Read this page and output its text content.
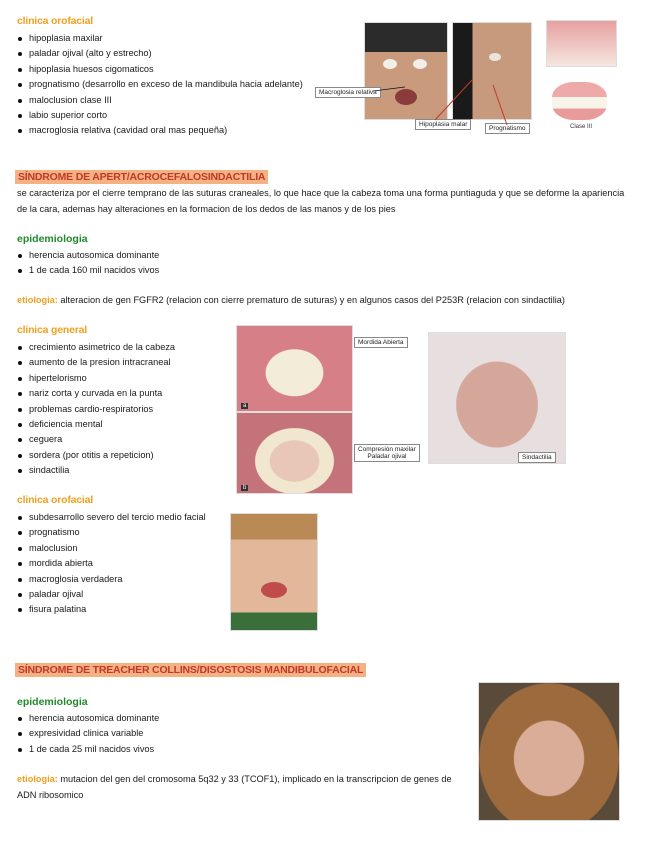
clinica orofacial
hipoplasia maxilar
paladar ojival (alto y estrecho)
hipoplasia huesos cigomaticos
prognatismo (desarrollo en exceso de la mandibula hacia adelante)
maloclusion clase III
labio superior corto
macroglosia relativa (cavidad oral mas pequeña)
Macroglosia relativa
Hipoplasia malar
Prognatismo	Clase III
SÍNDROME DE APERT/ACROCEFALOSINDACTILIA
se caracteriza por el cierre temprano de las suturas craneales, lo que hace que la cabeza toma una forma puntiaguda y que se deforme la apariencia de la cara, ademas hay alteraciones en la formacion de los dedos de las manos y de los pies
epidemiologia
herencia autosomica dominante
1 de cada 160 mil nacidos vivos
etiologia: alteracion de gen FGFR2 (relacion con cierre prematuro de suturas) y en algunos casos del P253R (relacion con sindactilia)
clinica general
crecimiento asimetrico de la cabeza
aumento de la presion intracraneal
hipertelorismo
nariz corta y curvada en la punta
problemas cardio-respiratorios
deficiencia mental
ceguera
sordera (por otitis a repeticion)
sindactilia
a
b
Mordida Abierta
Compresión maxilar
Paladar ojival	Sindactilia
clinica orofacial
subdesarrollo severo del tercio medio facial
prognatismo
maloclusion
mordida abierta
macroglosia verdadera
paladar ojival
fisura palatina
SÍNDROME DE TREACHER COLLINS/DISOSTOSIS MANDIBULOFACIAL
epidemiologia
herencia autosomica dominante
expresividad clinica variable
1 de cada 25 mil nacidos vivos
etiologia: mutacion del gen del cromosoma 5q32 y 33 (TCOF1), implicado en la transcripcion de genes de ADN ribosomico
